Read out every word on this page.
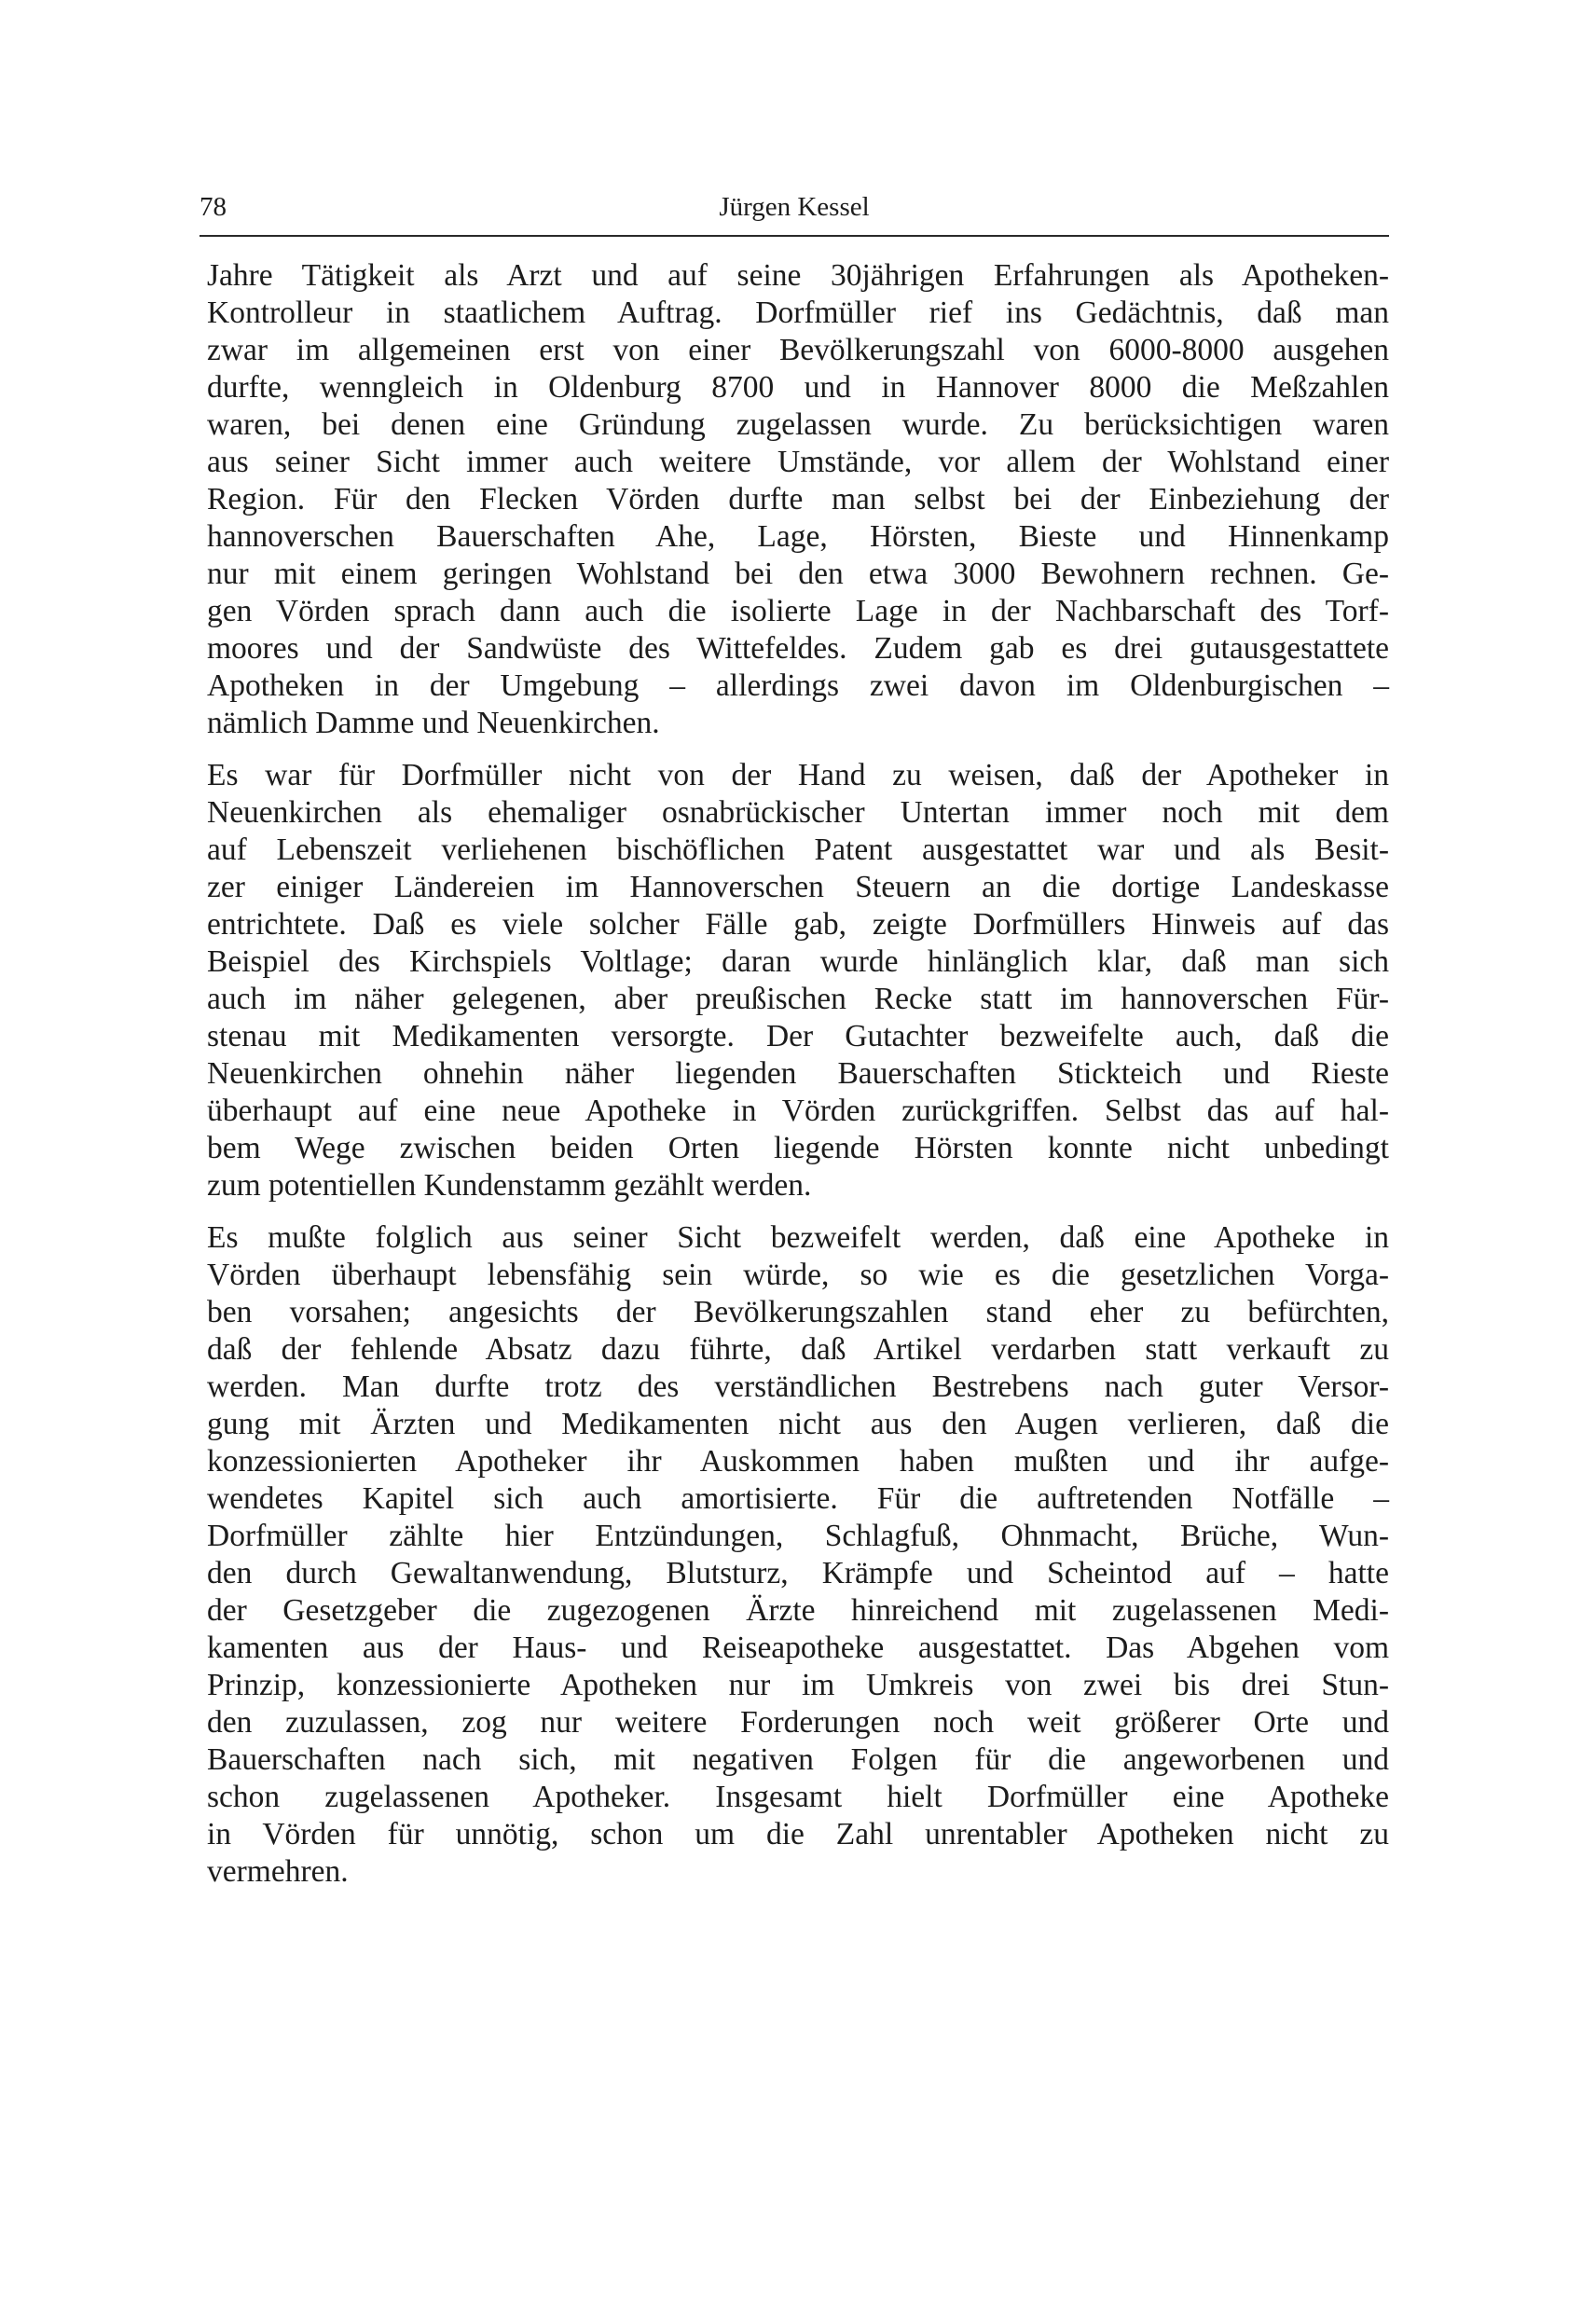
78	Jürgen Kessel
Jahre Tätigkeit als Arzt und auf seine 30jährigen Erfahrungen als Apotheken-
Kontrolleur in staatlichem Auftrag. Dorfmüller rief ins Gedächtnis, daß man
zwar im allgemeinen erst von einer Bevölkerungszahl von 6000-8000 ausgehen
durfte, wenngleich in Oldenburg 8700 und in Hannover 8000 die Meßzahlen
waren, bei denen eine Gründung zugelassen wurde. Zu berücksichtigen waren
aus seiner Sicht immer auch weitere Umstände, vor allem der Wohlstand einer
Region. Für den Flecken Vörden durfte man selbst bei der Einbeziehung der
hannoverschen Bauerschaften Ahe, Lage, Hörsten, Bieste und Hinnenkamp
nur mit einem geringen Wohlstand bei den etwa 3000 Bewohnern rechnen. Ge-
gen Vörden sprach dann auch die isolierte Lage in der Nachbarschaft des Torf-
moores und der Sandwüste des Wittefeldes. Zudem gab es drei gutausgestattete
Apotheken in der Umgebung – allerdings zwei davon im Oldenburgischen –
nämlich Damme und Neuenkirchen.
Es war für Dorfmüller nicht von der Hand zu weisen, daß der Apotheker in
Neuenkirchen als ehemaliger osnabrückischer Untertan immer noch mit dem
auf Lebenszeit verliehenen bischöflichen Patent ausgestattet war und als Besit-
zer einiger Ländereien im Hannoverschen Steuern an die dortige Landeskasse
entrichtete. Daß es viele solcher Fälle gab, zeigte Dorfmüllers Hinweis auf das
Beispiel des Kirchspiels Voltlage; daran wurde hinlänglich klar, daß man sich
auch im näher gelegenen, aber preußischen Recke statt im hannoverschen Für-
stenau mit Medikamenten versorgte. Der Gutachter bezweifelte auch, daß die
Neuenkirchen ohnehin näher liegenden Bauerschaften Stickteich und Rieste
überhaupt auf eine neue Apotheke in Vörden zurückgriffen. Selbst das auf hal-
bem Wege zwischen beiden Orten liegende Hörsten konnte nicht unbedingt
zum potentiellen Kundenstamm gezählt werden.
Es mußte folglich aus seiner Sicht bezweifelt werden, daß eine Apotheke in
Vörden überhaupt lebensfähig sein würde, so wie es die gesetzlichen Vorga-
ben vorsahen; angesichts der Bevölkerungszahlen stand eher zu befürchten,
daß der fehlende Absatz dazu führte, daß Artikel verdarben statt verkauft zu
werden. Man durfte trotz des verständlichen Bestrebens nach guter Versor-
gung mit Ärzten und Medikamenten nicht aus den Augen verlieren, daß die
konzessionierten Apotheker ihr Auskommen haben mußten und ihr aufge-
wendetes Kapitel sich auch amortisierte. Für die auftretenden Notfälle –
Dorfmüller zählte hier Entzündungen, Schlagfuß, Ohnmacht, Brüche, Wun-
den durch Gewaltanwendung, Blutsturz, Krämpfe und Scheintod auf – hatte
der Gesetzgeber die zugezogenen Ärzte hinreichend mit zugelassenen Medi-
kamenten aus der Haus- und Reiseapotheke ausgestattet. Das Abgehen vom
Prinzip, konzessionierte Apotheken nur im Umkreis von zwei bis drei Stun-
den zuzulassen, zog nur weitere Forderungen noch weit größerer Orte und
Bauerschaften nach sich, mit negativen Folgen für die angeworbenen und
schon zugelassenen Apotheker. Insgesamt hielt Dorfmüller eine Apotheke
in Vörden für unnötig, schon um die Zahl unrentabler Apotheken nicht zu
vermehren.
